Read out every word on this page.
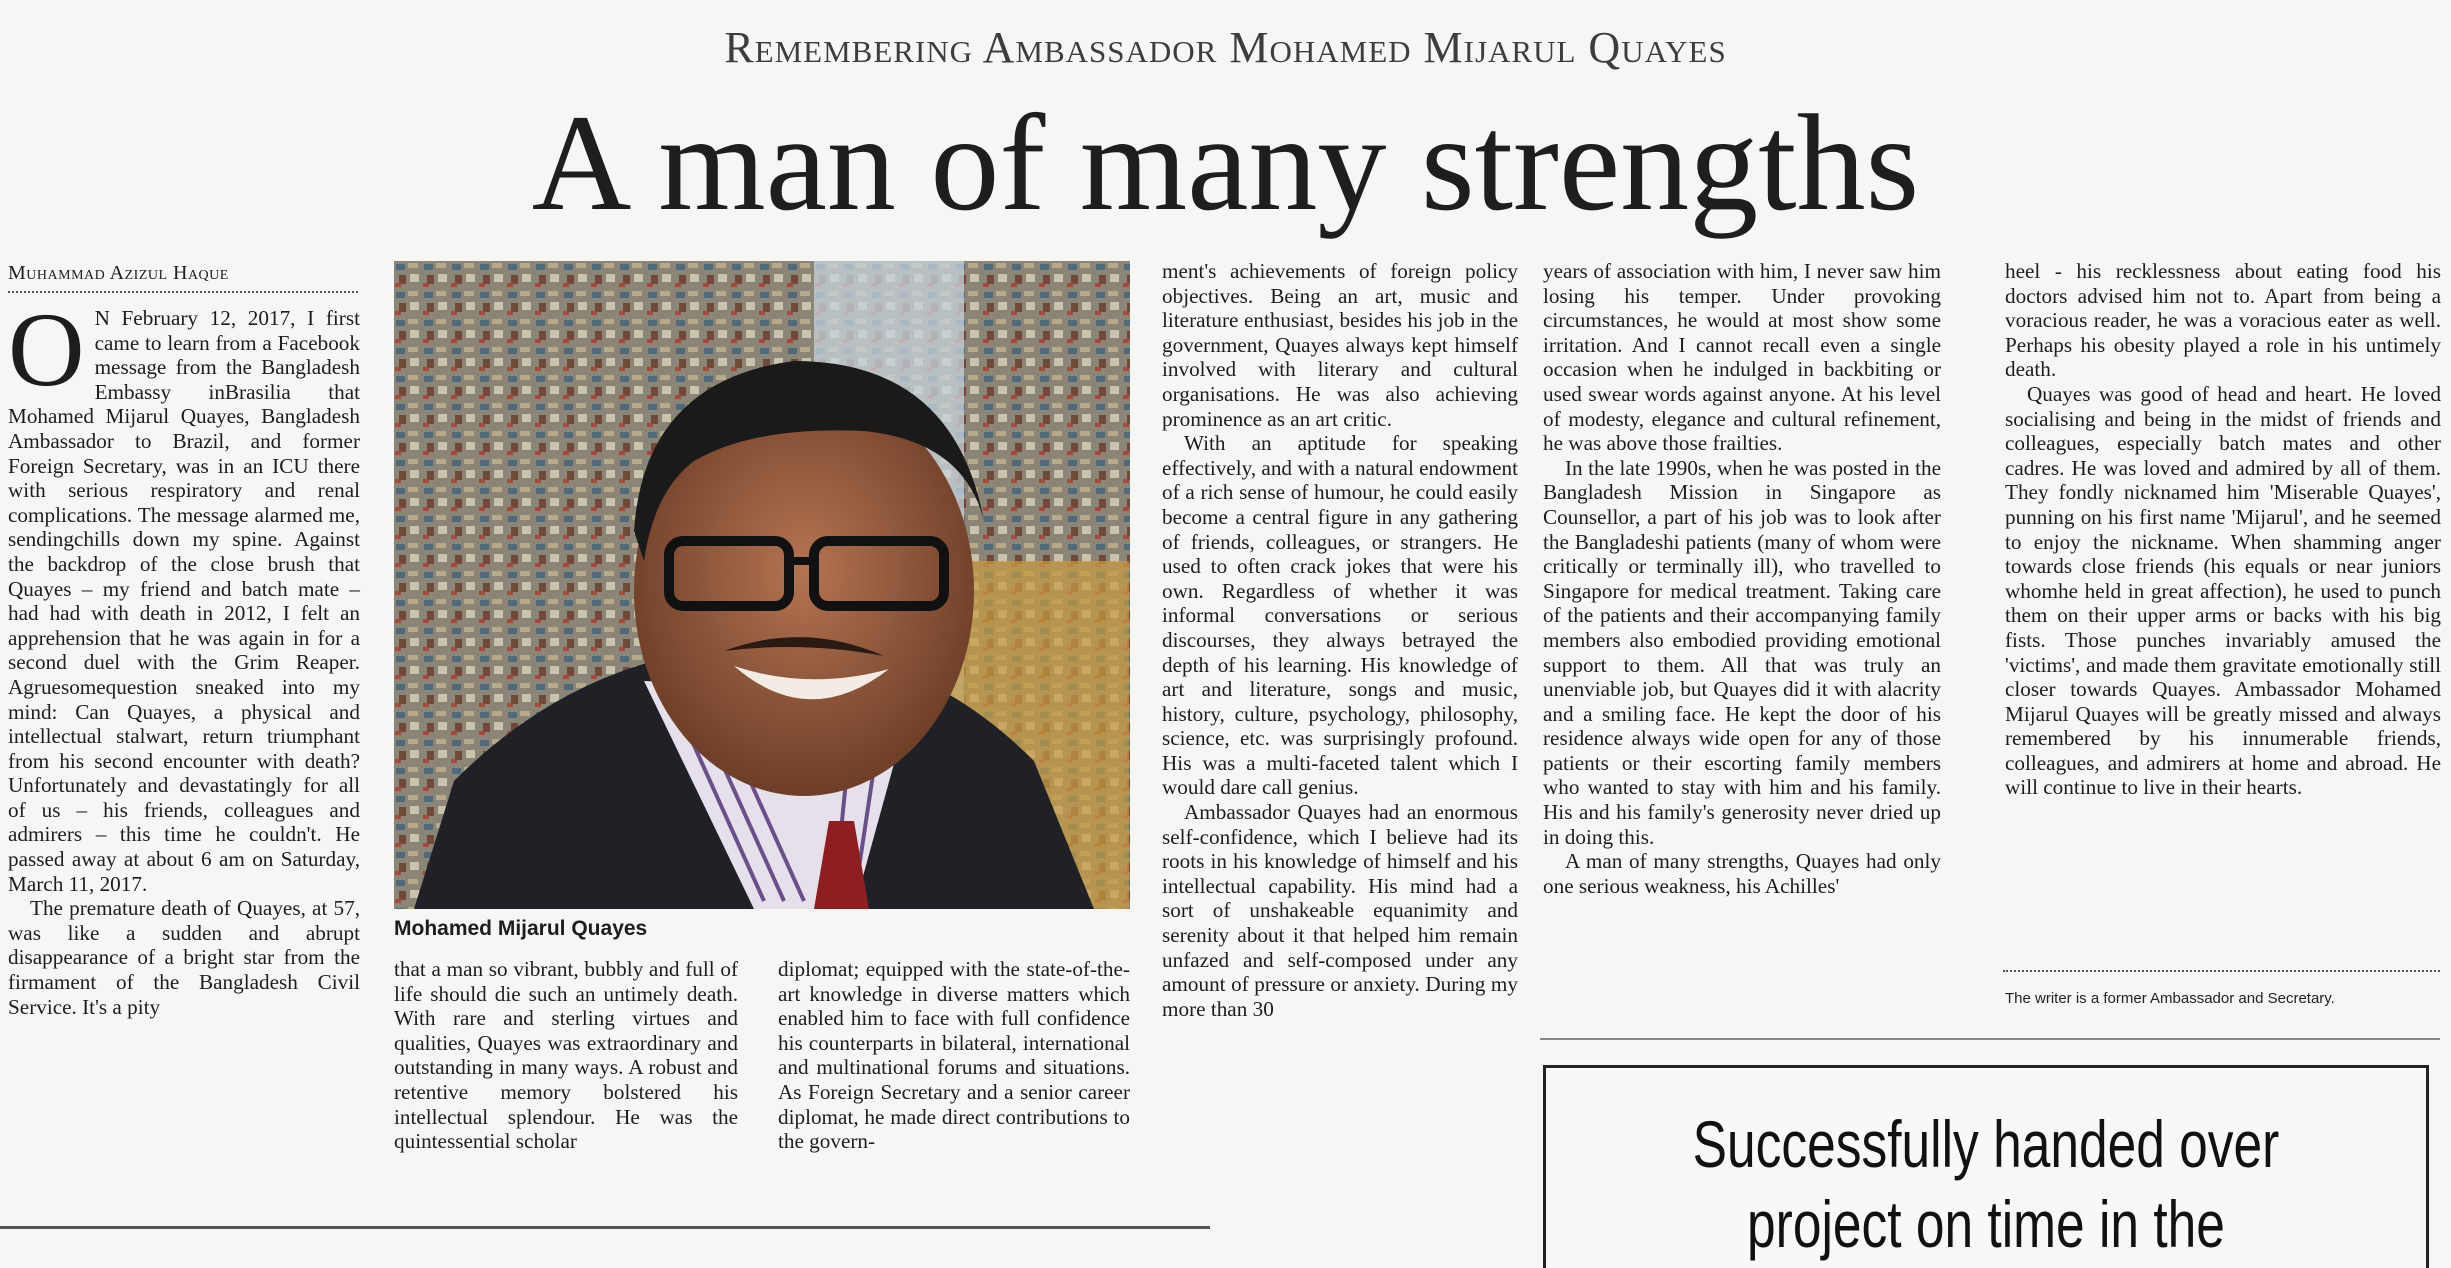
Remembering Ambassador Mohamed Mijarul Quayes
A man of many strengths
Muhammad Azizul Haque

O N February 12, 2017, I first came to learn from a Facebook message from the Bangladesh Embassy inBrasilia that Mohamed Mijarul Quayes, Bangladesh Ambassador to Brazil, and former Foreign Secretary, was in an ICU there with serious respiratory and renal complications. The message alarmed me, sendingchills down my spine. Against the backdrop of the close brush that Quayes – my friend and batch mate – had had with death in 2012, I felt an apprehension that he was again in for a second duel with the Grim Reaper. Agruesomequestion sneaked into my mind: Can Quayes, a physical and intellectual stalwart, return triumphant from his second encounter with death? Unfortunately and devastatingly for all of us – his friends, colleagues and admirers – this time he couldn't. He passed away at about 6 am on Saturday, March 11, 2017.

The premature death of Quayes, at 57, was like a sudden and abrupt disappearance of a bright star from the firmament of the Bangladesh Civil Service. It's a pity

Mohamed Mijarul Quayes

that a man so vibrant, bubbly and full of life should die such an untimely death. With rare and sterling virtues and qualities, Quayes was extraordinary and outstanding in many ways. A robust and retentive memory bolstered his intellectual splendour. He was the quintessential scholar

diplomat; equipped with the state-of-the-art knowledge in diverse matters which enabled him to face with full confidence his counterparts in bilateral, international and multinational forums and situations. As Foreign Secretary and a senior career diplomat, he made direct contributions to the govern-

ment's achievements of foreign policy objectives. Being an art, music and literature enthusiast, besides his job in the government, Quayes always kept himself involved with literary and cultural organisations. He was also achieving prominence as an art critic.

With an aptitude for speaking effectively, and with a natural endowment of a rich sense of humour, he could easily become a central figure in any gathering of friends, colleagues, or strangers. He used to often crack jokes that were his own. Regardless of whether it was informal conversations or serious discourses, they always betrayed the depth of his learning. His knowledge of art and literature, songs and music, history, culture, psychology, philosophy, science, etc. was surprisingly profound. His was a multi-faceted talent which I would dare call genius.

Ambassador Quayes had an enormous self-confidence, which I believe had its roots in his knowledge of himself and his intellectual capability. His mind had a sort of unshakeable equanimity and serenity about it that helped him remain unfazed and self-composed under any amount of pressure or anxiety. During my more than 30

years of association with him, I never saw him losing his temper. Under provoking circumstances, he would at most show some irritation. And I cannot recall even a single occasion when he indulged in backbiting or used swear words against anyone. At his level of modesty, elegance and cultural refinement, he was above those frailties.

In the late 1990s, when he was posted in the Bangladesh Mission in Singapore as Counsellor, a part of his job was to look after the Bangladeshi patients (many of whom were critically or terminally ill), who travelled to Singapore for medical treatment. Taking care of the patients and their accompanying family members also embodied providing emotional support to them. All that was truly an unenviable job, but Quayes did it with alacrity and a smiling face. He kept the door of his residence always wide open for any of those patients or their escorting family members who wanted to stay with him and his family. His and his family's generosity never dried up in doing this.

A man of many strengths, Quayes had only one serious weakness, his Achilles'

heel - his recklessness about eating food his doctors advised him not to. Apart from being a voracious reader, he was a voracious eater as well. Perhaps his obesity played a role in his untimely death.

Quayes was good of head and heart. He loved socialising and being in the midst of friends and colleagues, especially batch mates and other cadres. He was loved and admired by all of them. They fondly nicknamed him 'Miserable Quayes', punning on his first name 'Mijarul', and he seemed to enjoy the nickname. When shamming anger towards close friends (his equals or near juniors whomhe held in great affection), he used to punch them on their upper arms or backs with his big fists. Those punches invariably amused the 'victims', and made them gravitate emotionally still closer towards Quayes. Ambassador Mohamed Mijarul Quayes will be greatly missed and always remembered by his innumerable friends, colleagues, and admirers at home and abroad. He will continue to live in their hearts.

The writer is a former Ambassador and Secretary.
Successfully handed over
project on time in the
